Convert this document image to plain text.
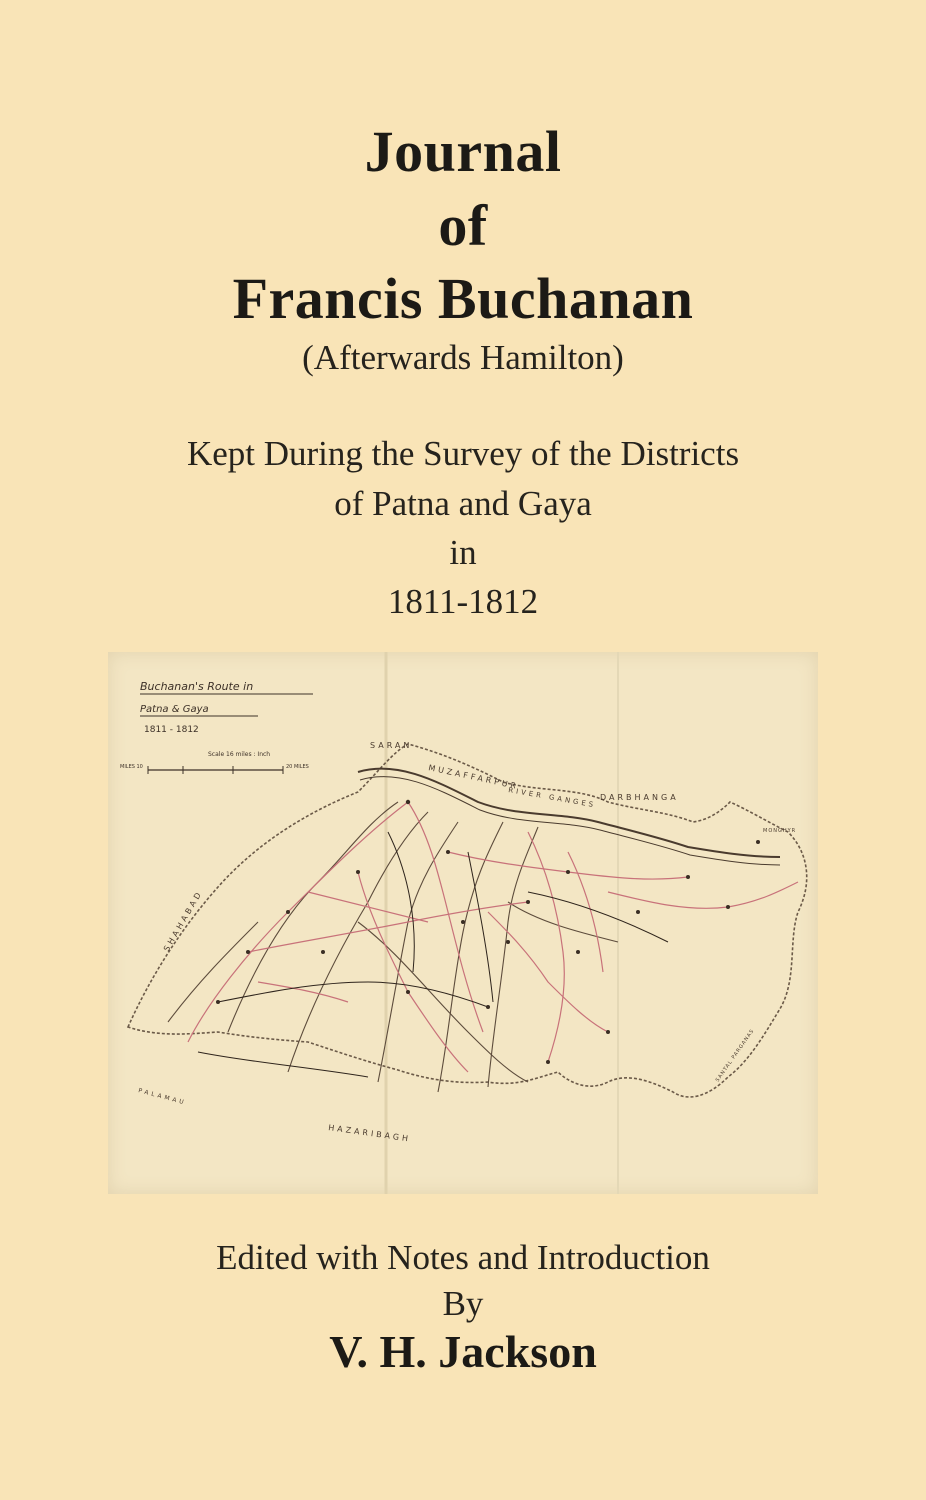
Journal
of
Francis Buchanan
(Afterwards Hamilton)
Kept During the Survey of the Districts
of Patna and Gaya
in
1811-1812
Buchanan's Route in
Patna & Gaya
1811 - 1812
Scale 16 miles : Inch
MILES 10	20 MILES
SARAN
MUZAFFARPUR
DARBHANGA
RIVER GANGES
SHAHABAD
HAZARIBAGH
PALAMAU
MONGHYR
SANTAL PARGANAS
Edited with Notes and Introduction
By
V. H. Jackson
